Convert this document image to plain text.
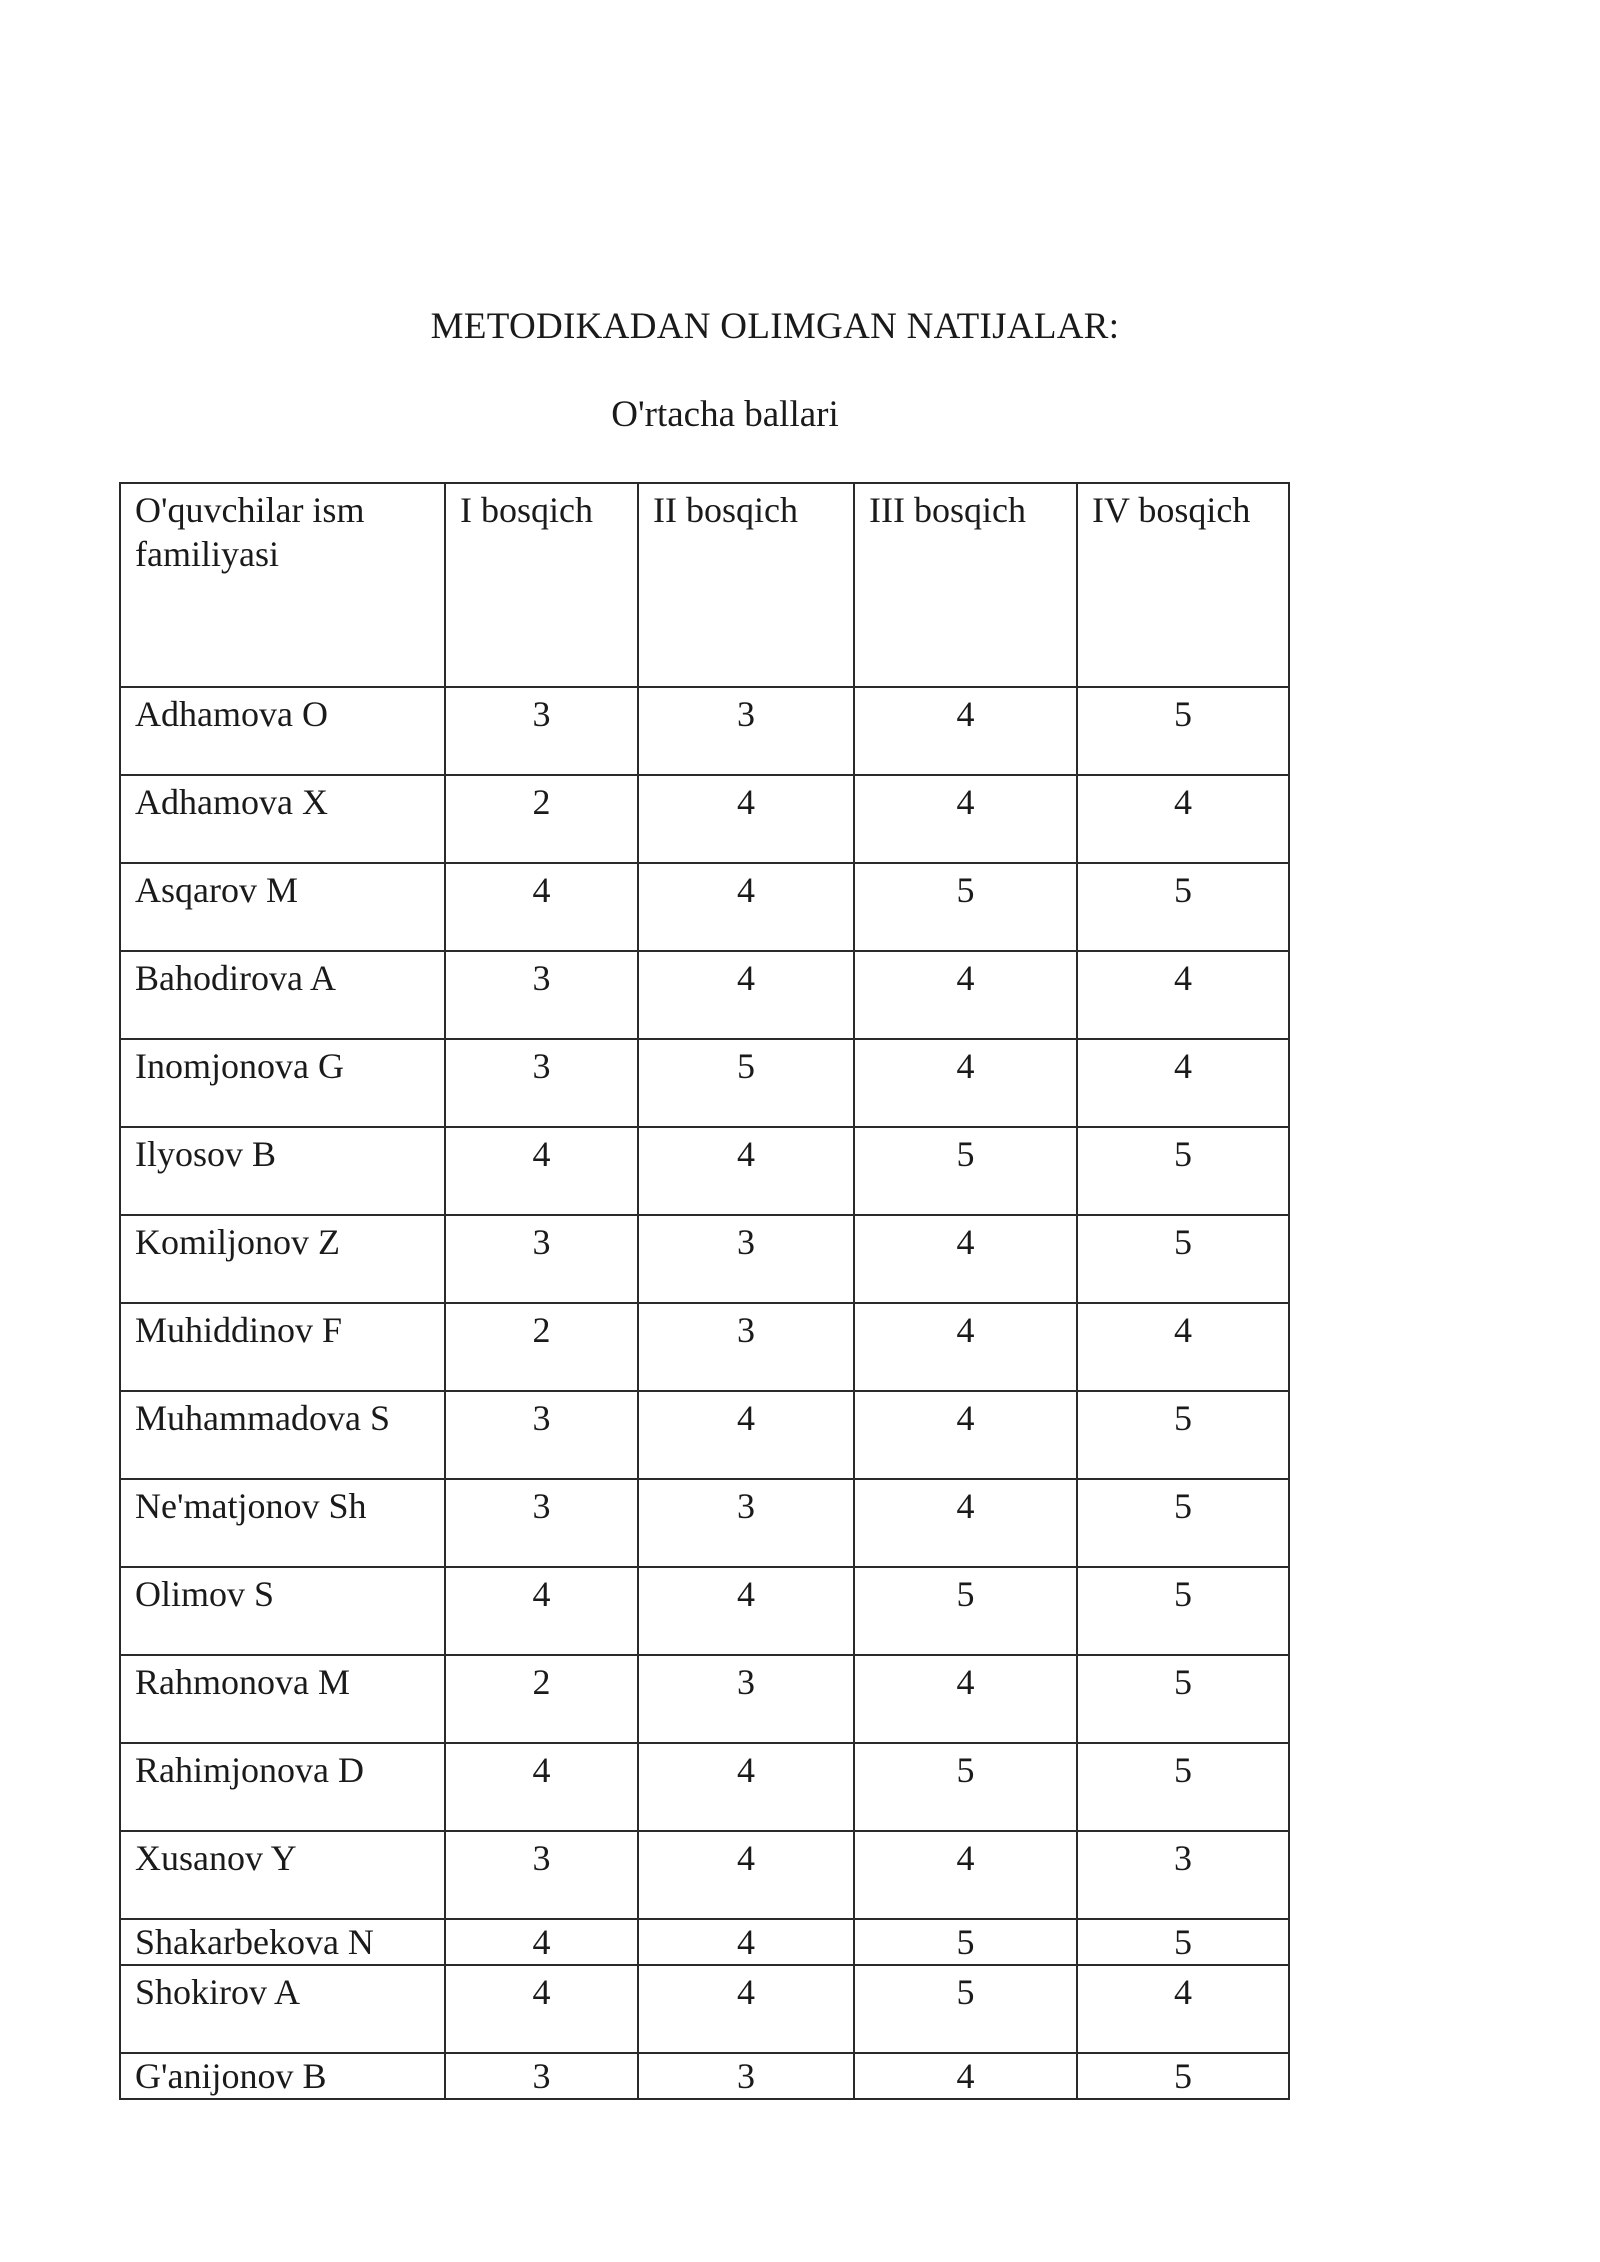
METODIKADAN OLIMGAN NATIJALAR:
O'rtacha ballari
O'quvchilar ism familiyasi	I bosqich	II bosqich	III bosqich	IV bosqich
Adhamova O	3	3	4	5
Adhamova X	2	4	4	4
Asqarov M	4	4	5	5
Bahodirova A	3	4	4	4
Inomjonova G	3	5	4	4
Ilyosov B	4	4	5	5
Komiljonov Z	3	3	4	5
Muhiddinov F	2	3	4	4
Muhammadova S	3	4	4	5
Ne'matjonov Sh	3	3	4	5
Olimov S	4	4	5	5
Rahmonova M	2	3	4	5
Rahimjonova D	4	4	5	5
Xusanov Y	3	4	4	3
Shakarbekova N	4	4	5	5
Shokirov A	4	4	5	4
G'anijonov B	3	3	4	5
